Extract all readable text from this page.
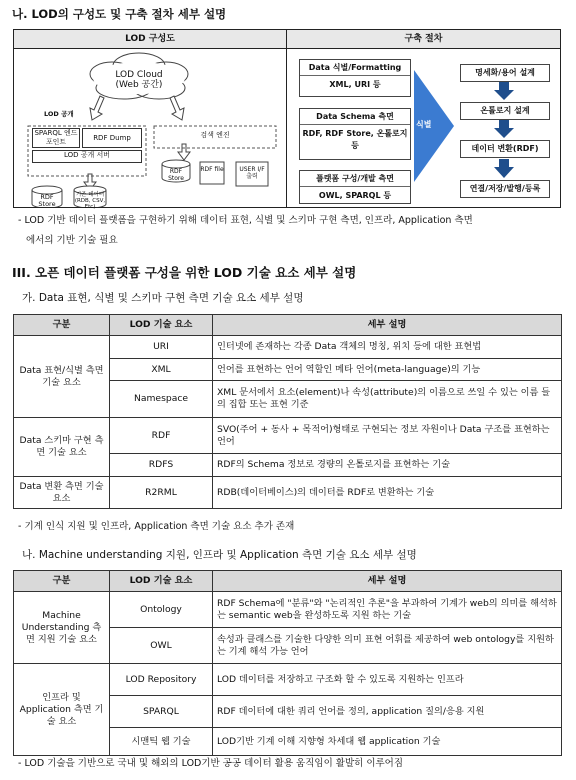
나. LOD의 구성도 및 구축 절차 세부 설명
LOD 구성도	구축 절차
LOD Cloud
(Web 공간)
LOD 공개
SPARQL 엔드포인트	RDF Dump
LOD 공개 서버
검색 엔진
RDF Store
기존 데이터 (RDB, CSV, Etc)
RDF Store
RDF file	USER I/F 출력
Data 식별/Formatting
XML, URI 등
Data Schema 측면
RDF, RDF Store, 온톨로지 등
플랫폼 구성/개발 측면
OWL, SPARQL 등
식별
명세화/용어 설계
온톨로지 설계
데이터 변환(RDF)
연결/저장/발행/등록
- LOD 기반 데이터 플랫폼을 구현하기 위해 데이터 표현, 식별 및 스키마 구현 측면, 인프라, Application 측면
에서의 기반 기술 필요
III. 오픈 데이터 플랫폼 구성을 위한 LOD 기술 요소 세부 설명
가. Data 표현, 식별 및 스키마 구현 측면 기술 요소 세부 설명
구분	LOD 기술 요소	세부 설명
Data 표현/식별 측면 기술 요소	URI	인터넷에 존재하는 각종 Data 객체의 명칭, 위치 등에 대한 표현법
	XML	언어를 표현하는 언어 역할인 메타 언어(meta-language)의 기능
	Namespace	XML 문서에서 요소(element)나 속성(attribute)의 이름으로 쓰일 수 있는 이름 들의 집합 또는 표현 기준
Data 스키마 구현 측면 기술 요소	RDF	SVO(주어 + 동사 + 목적어)형태로 구현되는 정보 자원이나 Data 구조를 표현하는 언어
	RDFS	RDF의 Schema 정보로 경량의 온톨로지를 표현하는 기술
Data 변환 측면 기술 요소	R2RML	RDB(데이터베이스)의 데이터를 RDF로 변환하는 기술
- 기계 인식 지원 및 인프라, Application 측면 기술 요소 추가 존재
나. Machine understanding 지원, 인프라 및 Application 측면 기술 요소 세부 설명
구분	LOD 기술 요소	세부 설명
Machine Understanding 측면 지원 기술 요소	Ontology	RDF Schema에 "분류"와 "논리적인 추론"을 부과하여 기계가 web의 의미를 해석하는 semantic web을 완성하도록 지원 하는 기술
	OWL	속성과 클래스를 기술한 다양한 의미 표현 어휘를 제공하여 web ontology를 지원하는 기계 해석 가능 언어
인프라 및 Application 측면 기술 요소	LOD Repository	LOD 데이터를 저장하고 구조화 할 수 있도록 지원하는 인프라
	SPARQL	RDF 데이터에 대한 쿼리 언어를 정의, application 질의/응용 지원
	시맨틱 웹 기술	LOD기반 기계 이해 지향형 차세대 웹 application 기술
- LOD 기술을 기반으로 국내 및 해외의 LOD기반 공공 데이터 활용 움직임이 활발히 이루어짐
